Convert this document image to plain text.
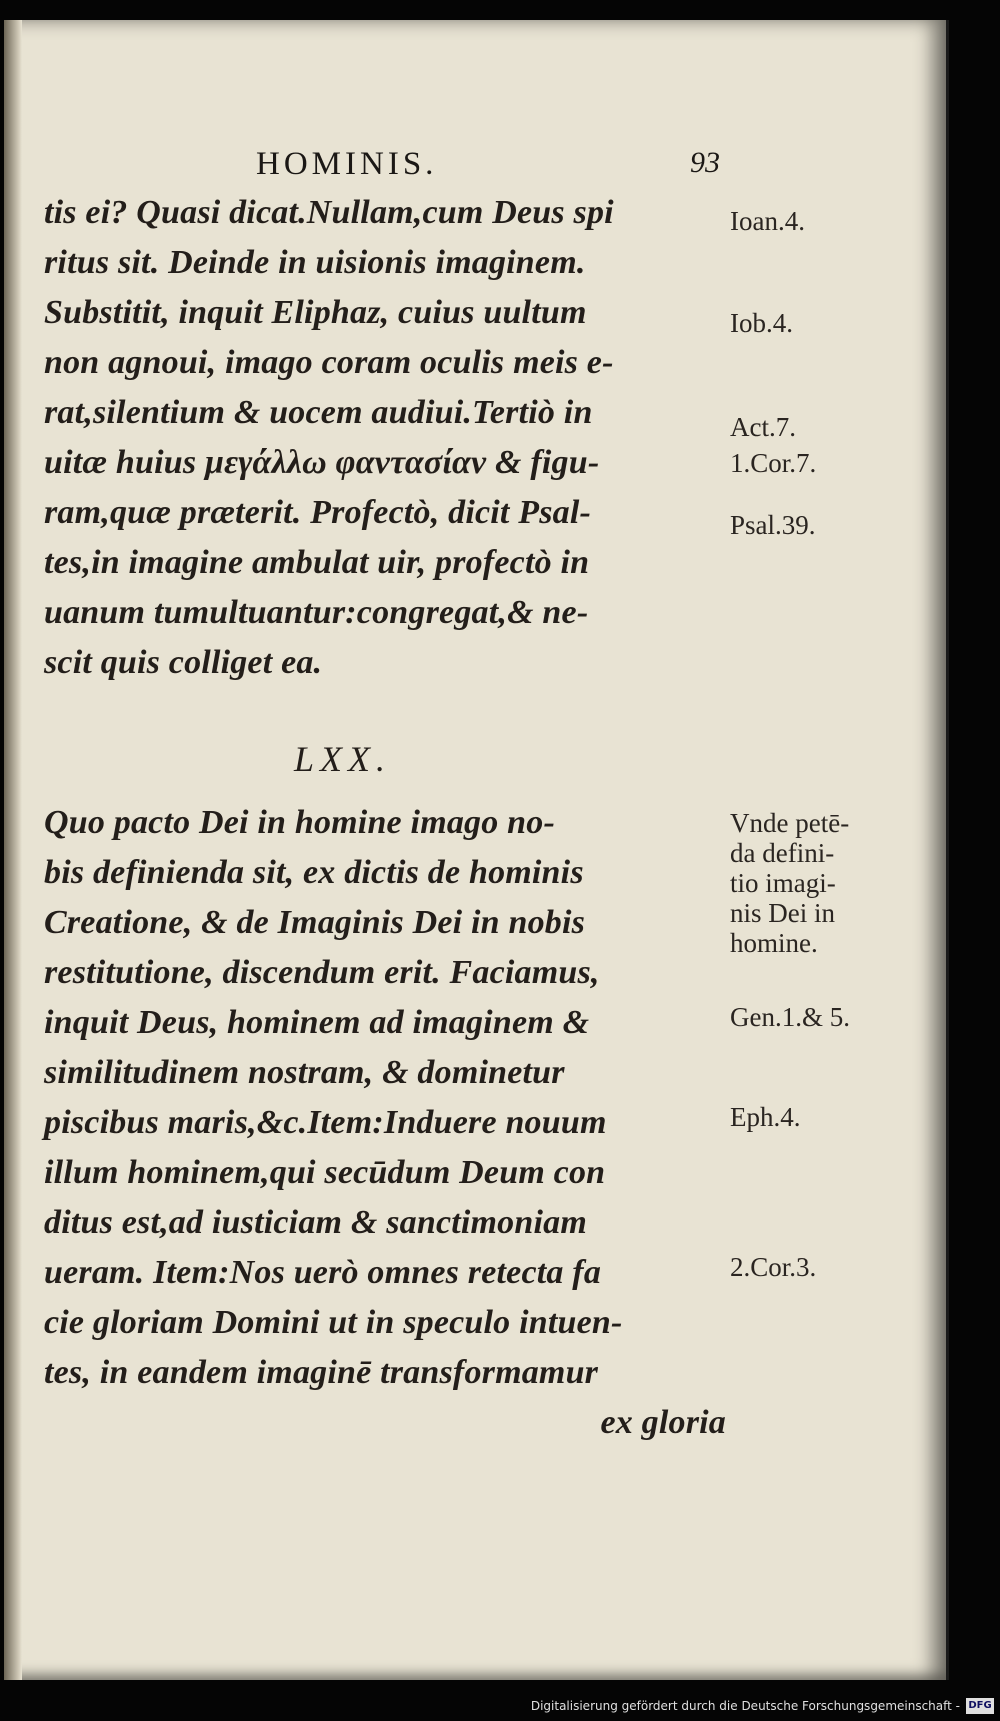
HOMINIS.	93
tis ei? Quasi dicat.Nullam,cum Deus spi
ritus sit. Deinde in uisionis imaginem.
Substitit, inquit Eliphaz, cuius uultum
non agnoui, imago coram oculis meis e-
rat,silentium & uocem audiui.Tertiò in
uitæ huius μεγάλλω φαντασίαν & figu-
ram,quæ præterit. Profectò, dicit Psal-
tes,in imagine ambulat uir, profectò in
uanum tumultuantur:congregat,& ne-
scit quis colliget ea.
LXX.
Quo pacto Dei in homine imago no-
bis definienda sit, ex dictis de hominis
Creatione, & de Imaginis Dei in nobis
restitutione, discendum erit. Faciamus,
inquit Deus, hominem ad imaginem &
similitudinem nostram, & dominetur
piscibus maris,&c.Item:Induere nouum
illum hominem,qui secūdum Deum con
ditus est,ad iusticiam & sanctimoniam
ueram. Item:Nos uerò omnes retecta fa
cie gloriam Domini ut in speculo intuen-
tes, in eandem imaginē transformamur
ex gloria
Ioan.4.
Iob.4.
Act.7.
1.Cor.7.
Psal.39.
Vnde petē-
da defini-
tio imagi-
nis Dei in
homine.
Gen.1.& 5.
Eph.4.
2.Cor.3.
Digitalisierung gefördert durch die Deutsche Forschungsgemeinschaft - DFG
